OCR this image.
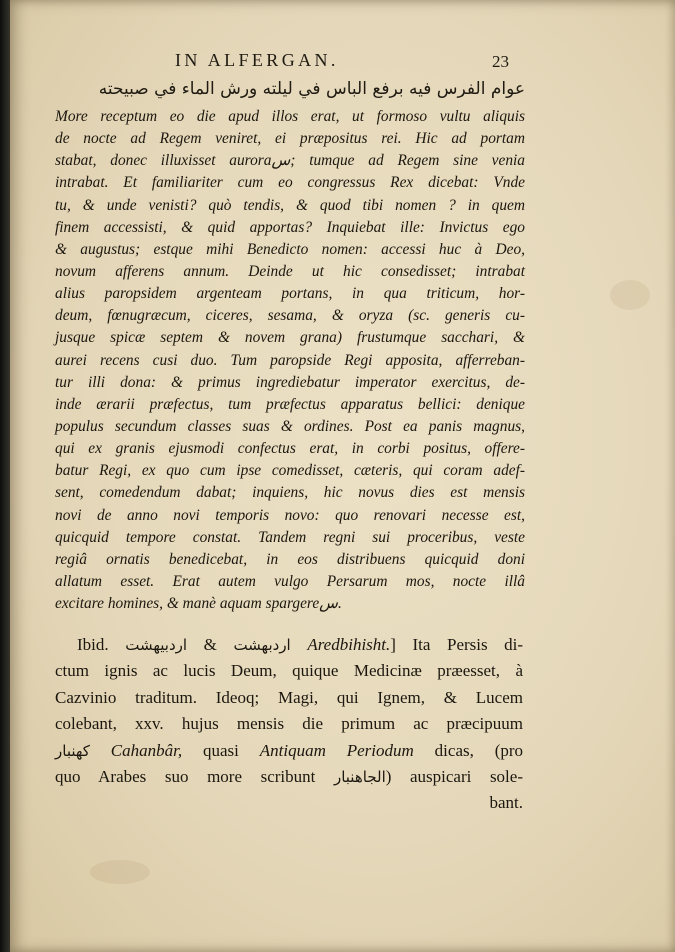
IN ALFERGAN.	23
عوام الفرس فيه برفع الباس في ليلته ورش الماء في صبيحته
More receptum eo die apud illos erat, ut formoso vultu aliquis
de nocte ad Regem veniret, ei præpositus rei. Hic ad portam
stabat, donec illuxisset auroraس; tumque ad Regem sine venia
intrabat. Et familiariter cum eo congressus Rex dicebat: Vnde
tu, & unde venisti? quò tendis, & quod tibi nomen ? in quem
finem accessisti, & quid apportas? Inquiebat ille: Invictus ego
& augustus; estque mihi Benedicto nomen: accessi huc à Deo,
novum afferens annum. Deinde ut hic consedisset; intrabat
alius paropsidem argenteam portans, in qua triticum, hor-
deum, fœnugræcum, ciceres, sesama, & oryza (sc. generis cu-
jusque spicæ septem & novem grana) frustumque sacchari, &
aurei recens cusi duo. Tum paropside Regi apposita, afferreban-
tur illi dona: & primus ingrediebatur imperator exercitus, de-
inde ærarii præfectus, tum præfectus apparatus bellici: denique
populus secundum classes suas & ordines. Post ea panis magnus,
qui ex granis ejusmodi confectus erat, in corbi positus, offere-
batur Regi, ex quo cum ipse comedisset, cæteris, qui coram adef-
sent, comedendum dabat; inquiens, hic novus dies est mensis
novi de anno novi temporis novo: quo renovari necesse est,
quicquid tempore constat. Tandem regni sui proceribus, veste
regiâ ornatis benedicebat, in eos distribuens quicquid doni
allatum esset. Erat autem vulgo Persarum mos, nocte illâ
excitare homines, & manè aquam spargereس.
Ibid.	اردبهشت & اردبيهشت	Aredbihisht.] Ita Persis di-
ctum ignis ac lucis Deum, quique Medicinæ præesset, à
Cazvinio traditum. Ideoq; Magi, qui Ignem, & Lucem
colebant, xxv. hujus mensis die primum ac præcipuum
كهنبار Cahanbâr, quasi Antiquam Periodum dicas, (pro
quo Arabes suo more scribunt الجاهنبار) auspicari sole-
bant.
